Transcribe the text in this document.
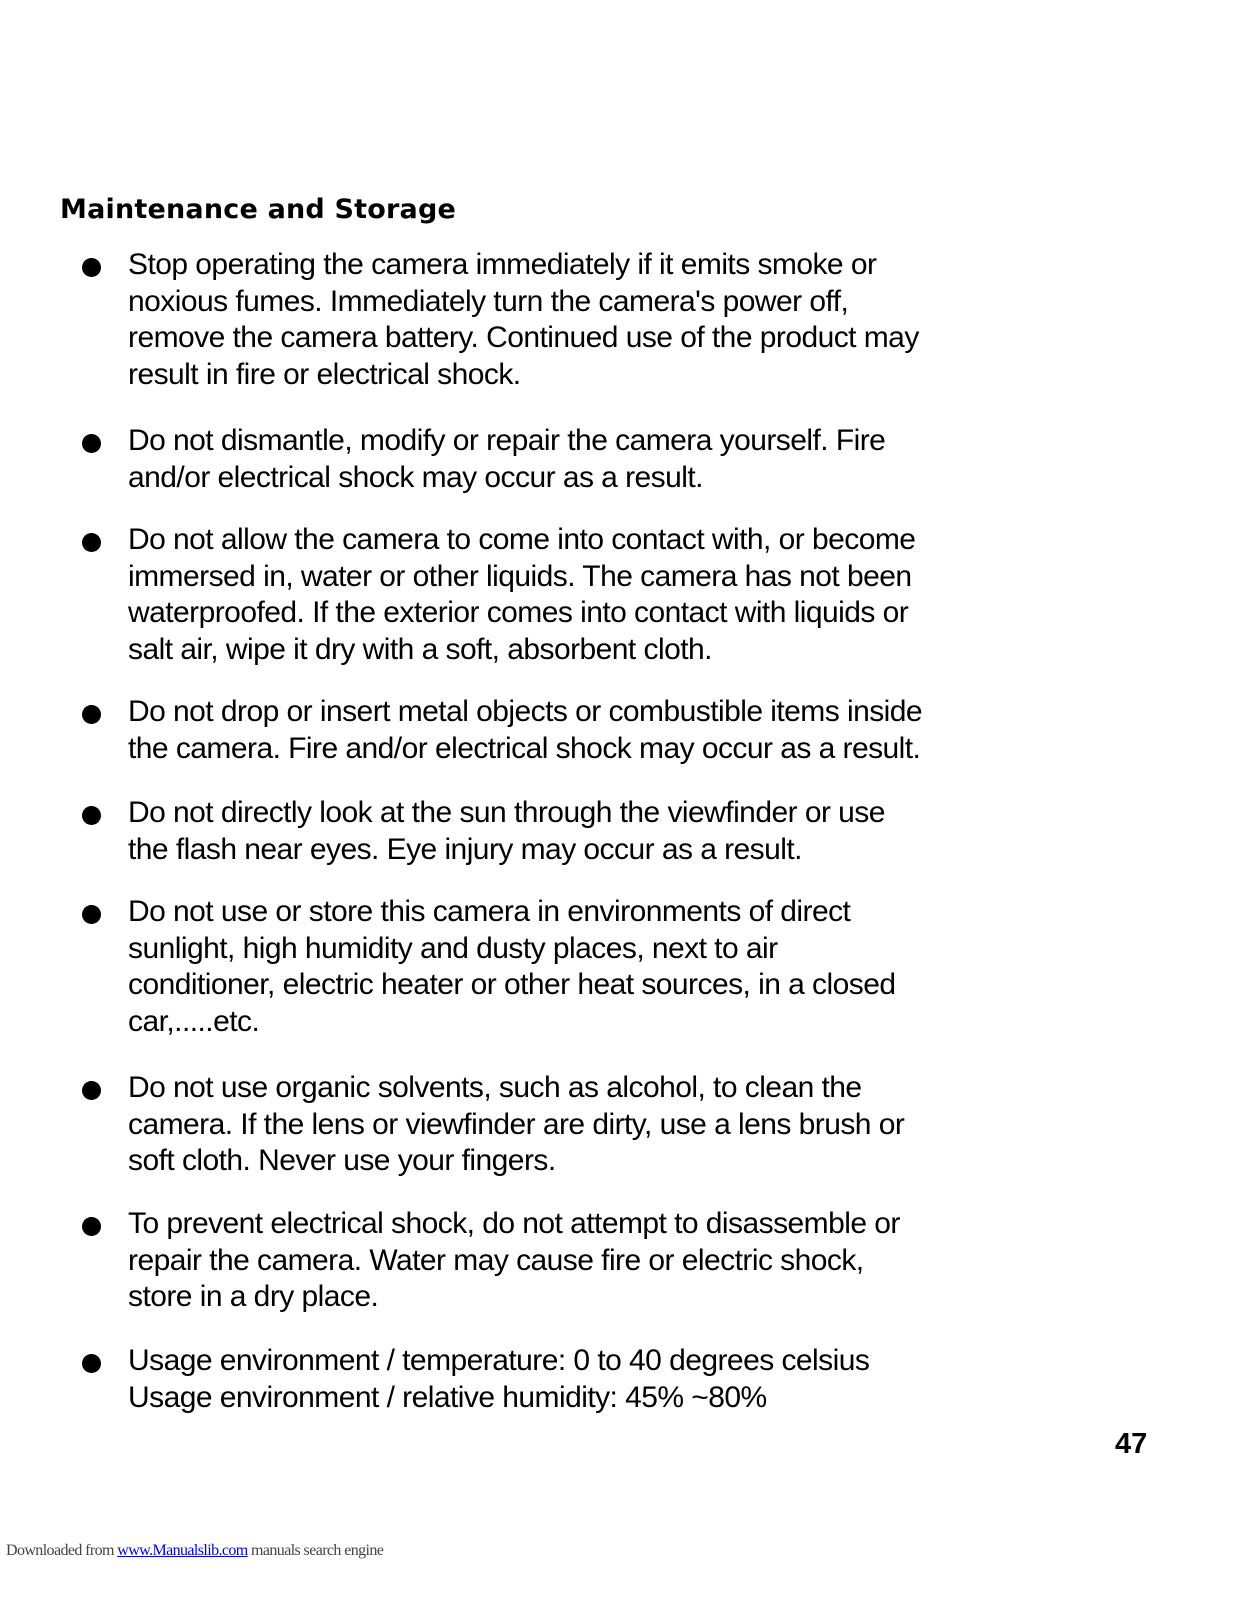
Maintenance and Storage
Stop operating the camera immediately if it emits smoke or
noxious fumes. Immediately turn the camera's power off,
remove the camera battery. Continued use of the product may
result in fire or electrical shock.
Do not dismantle, modify or repair the camera yourself. Fire
and/or electrical shock may occur as a result.
Do not allow the camera to come into contact with, or become
immersed in, water or other liquids. The camera has not been
waterproofed. If the exterior comes into contact with liquids or
salt air, wipe it dry with a soft, absorbent cloth.
Do not drop or insert metal objects or combustible items inside
the camera. Fire and/or electrical shock may occur as a result.
Do not directly look at the sun through the viewfinder or use
the flash near eyes. Eye injury may occur as a result.
Do not use or store this camera in environments of direct
sunlight, high humidity and dusty places, next to air
conditioner, electric heater or other heat sources, in a closed
car,.....etc.
Do not use organic solvents, such as alcohol, to clean the
camera. If the lens or viewfinder are dirty, use a lens brush or
soft cloth. Never use your fingers.
To prevent electrical shock, do not attempt to disassemble or
repair the camera. Water may cause fire or electric shock,
store in a dry place.
Usage environment / temperature: 0 to 40 degrees celsius
Usage environment / relative humidity: 45% ~80%
47
Downloaded from www.Manualslib.com manuals search engine
